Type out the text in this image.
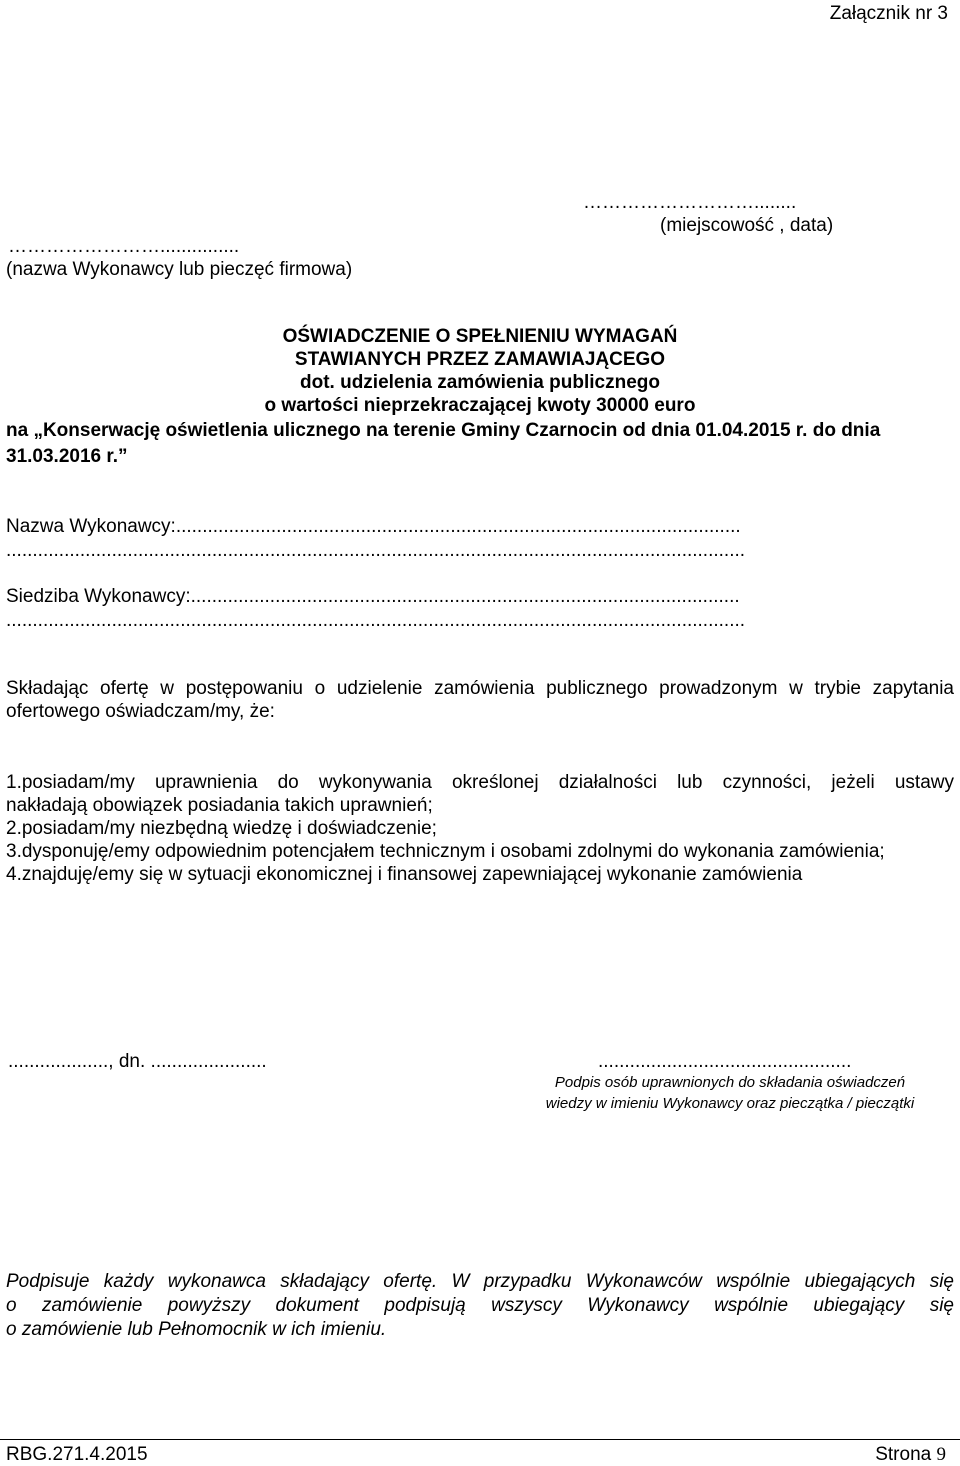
Załącznik nr 3
………………………........
(miejscowość , data)
……………………...............
(nazwa Wykonawcy lub pieczęć firmowa)
OŚWIADCZENIE O SPEŁNIENIU WYMAGAŃ
STAWIANYCH PRZEZ ZAMAWIAJĄCEGO
dot. udzielenia zamówienia publicznego
o wartości nieprzekraczającej kwoty 30000 euro
na „Konserwację oświetlenia ulicznego na terenie Gminy Czarnocin od dnia 01.04.2015 r. do dnia
31.03.2016 r.”
Nazwa Wykonawcy:...........................................................................................................
............................................................................................................................................
Siedziba Wykonawcy:........................................................................................................
............................................................................................................................................
Składając ofertę w postępowaniu o udzielenie zamówienia publicznego prowadzonym w trybie zapytania
ofertowego oświadczam/my, że:
1.posiadam/my uprawnienia do wykonywania określonej działalności lub czynności, jeżeli ustawy
nakładają obowiązek posiadania takich uprawnień;
2.posiadam/my niezbędną wiedzę i doświadczenie;
3.dysponuję/emy odpowiednim potencjałem technicznym i osobami zdolnymi do wykonania zamówienia;
4.znajduję/emy się w sytuacji ekonomicznej i finansowej zapewniającej wykonanie zamówienia
..................., dn. ......................	................................................
Podpis osób uprawnionych do składania oświadczeń
wiedzy w imieniu Wykonawcy oraz pieczątka / pieczątki
Podpisuje każdy wykonawca składający ofertę. W przypadku Wykonawców wspólnie ubiegających się
o zamówienie powyższy dokument podpisują wszyscy Wykonawcy wspólnie ubiegający się
o zamówienie lub Pełnomocnik w ich imieniu.
RBG.271.4.2015	Strona 9
